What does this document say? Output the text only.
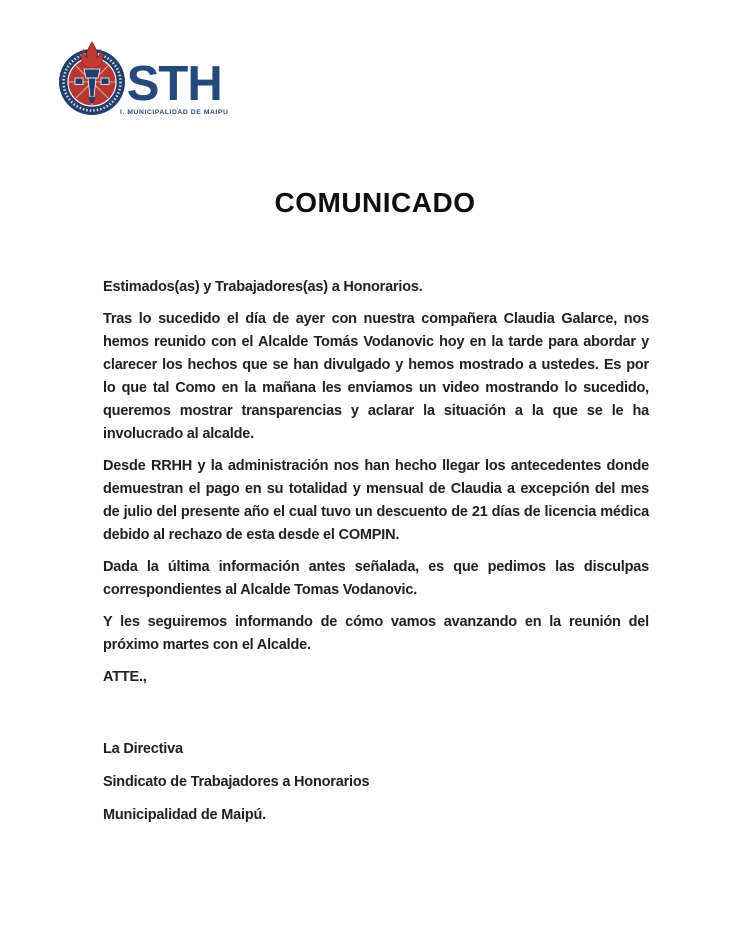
STH
I. MUNICIPALIDAD DE MAIPU
COMUNICADO

Estimados(as) y Trabajadores(as) a Honorarios.

Tras lo sucedido el día de ayer con nuestra compañera Claudia Galarce, nos hemos reunido con el Alcalde Tomás Vodanovic hoy en la tarde para abordar y clarecer los hechos que se han divulgado y hemos mostrado a ustedes. Es por lo que tal Como en la mañana les enviamos un video mostrando lo sucedido, queremos mostrar transparencias y aclarar la situación a la que se le ha involucrado al alcalde.

Desde RRHH y la administración nos han hecho llegar los antecedentes donde demuestran el pago en su totalidad y mensual de Claudia a excepción del mes de julio del presente año el cual tuvo un descuento de 21 días de licencia médica debido al rechazo de esta desde el COMPIN.

Dada la última información antes señalada, es que pedimos las disculpas correspondientes al Alcalde Tomas Vodanovic.

Y les seguiremos informando de cómo vamos avanzando en la reunión del próximo martes con el Alcalde.

ATTE.,

La Directiva

Sindicato de Trabajadores a Honorarios

Municipalidad de Maipú.
